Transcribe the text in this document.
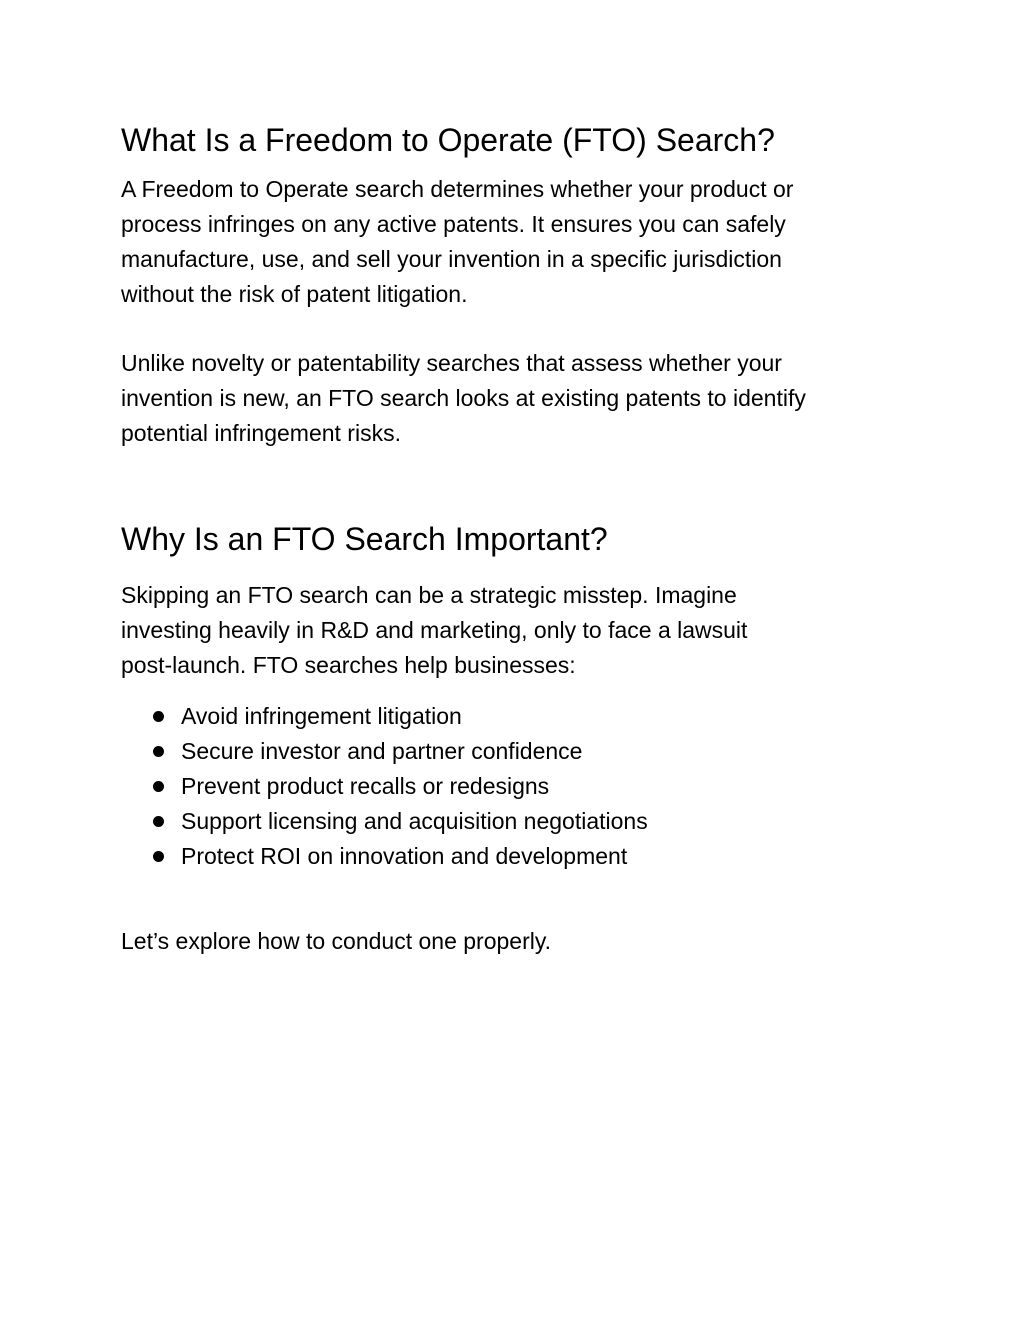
What Is a Freedom to Operate (FTO) Search?

A Freedom to Operate search determines whether your product or
process infringes on any active patents. It ensures you can safely
manufacture, use, and sell your invention in a specific jurisdiction
without the risk of patent litigation.

Unlike novelty or patentability searches that assess whether your
invention is new, an FTO search looks at existing patents to identify
potential infringement risks.

Why Is an FTO Search Important?

Skipping an FTO search can be a strategic misstep. Imagine
investing heavily in R&D and marketing, only to face a lawsuit
post-launch. FTO searches help businesses:

Avoid infringement litigation
Secure investor and partner confidence
Prevent product recalls or redesigns
Support licensing and acquisition negotiations
Protect ROI on innovation and development

Let’s explore how to conduct one properly.
